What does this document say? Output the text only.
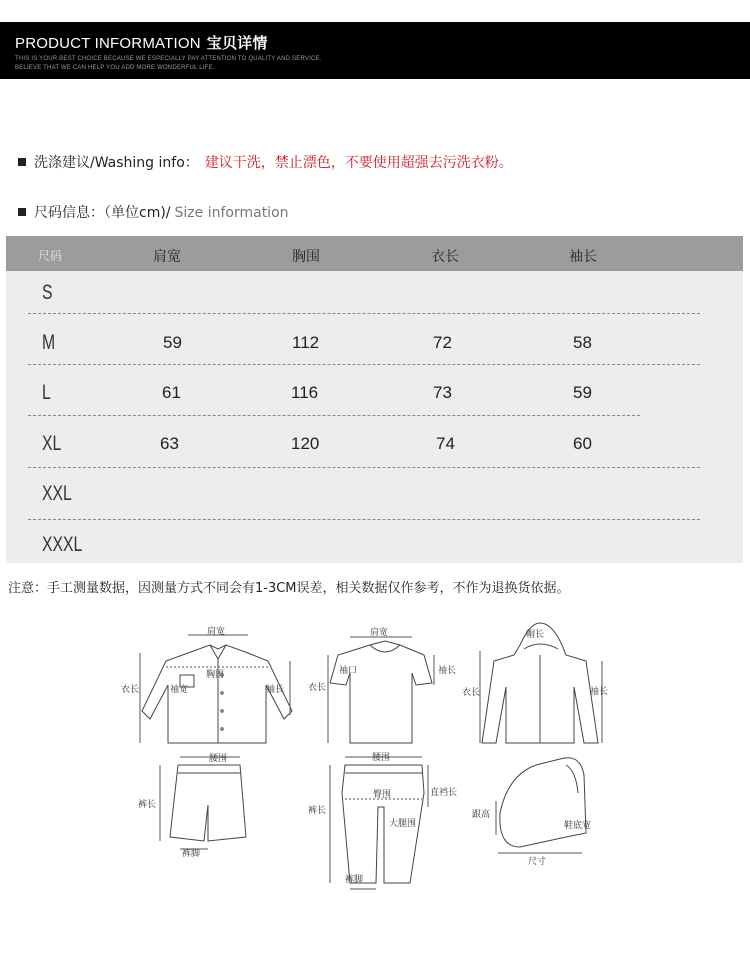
PRODUCT INFORMATION 宝贝详情
THIS IS YOUR BEST CHOICE BECAUSE WE ESPECIALLY PAY ATTENTION TO QUALITY AND SERVICE.
BELIEVE THAT WE CAN HELP YOU ADD MORE WONDERFUL LIFE.
洗涤建议/Washing info： 建议干洗，禁止漂色，不要使用超强去污洗衣粉。
尺码信息：（单位cm)/ Size information
尺码	肩宽	胸围	衣长	袖长
S
M	59	112	72	58
L	61	116	73	59
XL	63	120	74	60
XXL
XXXL
注意：手工测量数据，因测量方式不同会有1-3CM误差，相关数据仅作参考，不作为退换货依据。
肩宽
胸围
衣长	袖宽	袖长
肩宽
袖口
衣长
袖长
帽长
衣长	袖长
腰围
裤长
裤脚
腰围
臀围	直裆长
大腿围
裤长
裤脚
跟高
鞋底宽
尺寸
